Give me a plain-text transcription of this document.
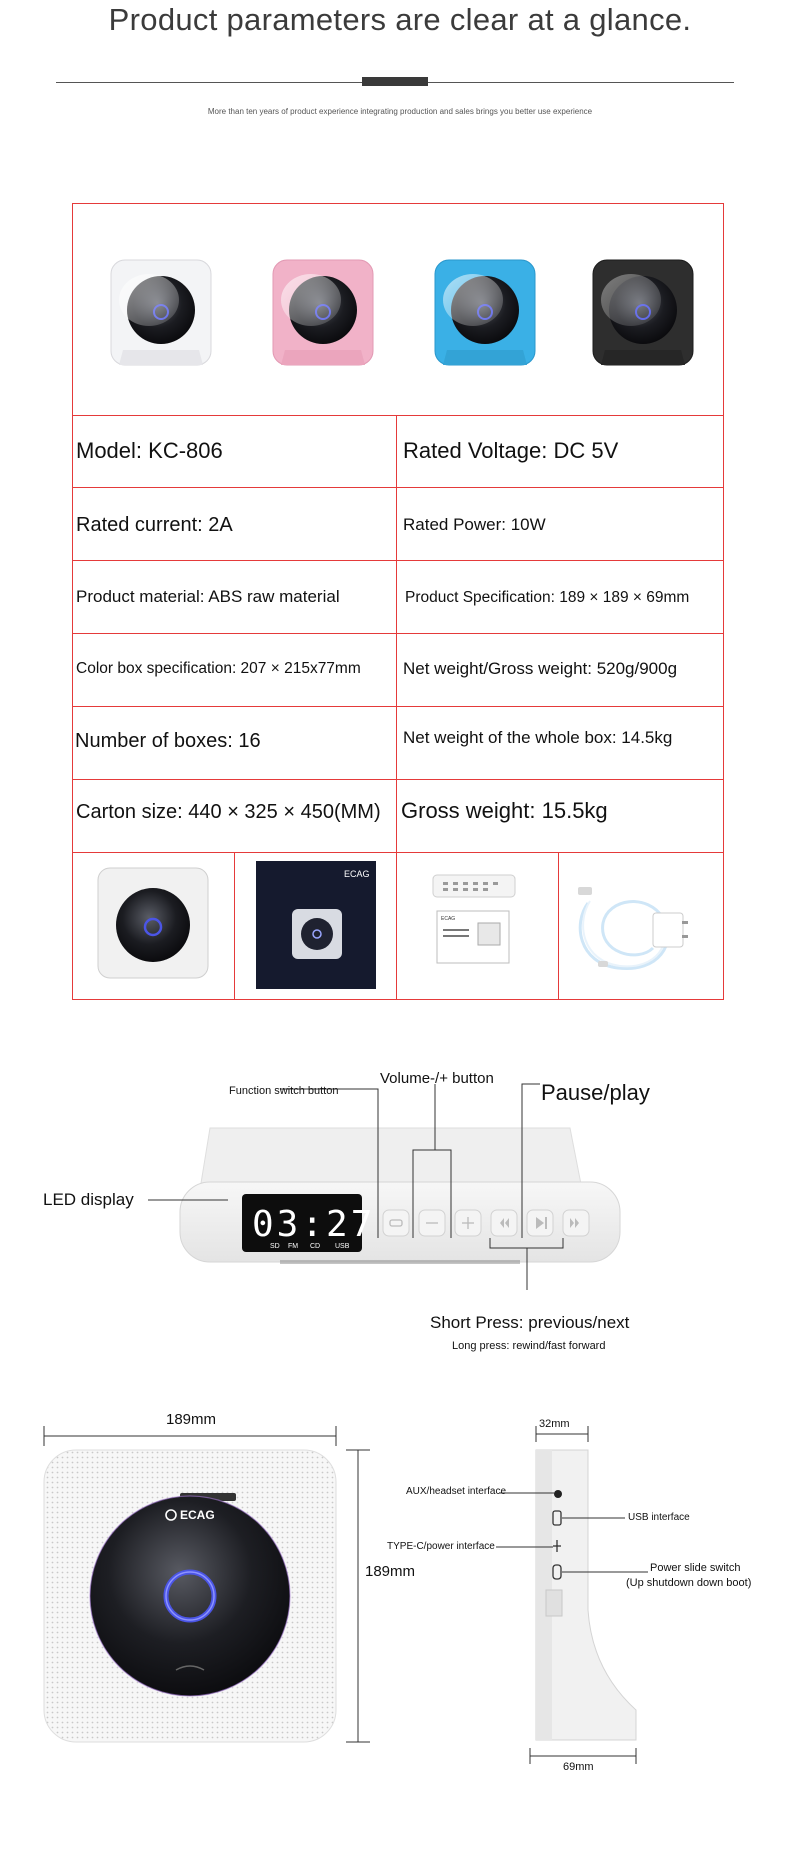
Product parameters are clear at a glance.
More than ten years of product experience integrating production and sales brings you better use experience
Model: KC-806	Rated Voltage: DC 5V
Rated current: 2A	Rated Power: 10W
Product material: ABS raw material	Product Specification: 189 × 189 × 69mm
Color box specification: 207 × 215x77mm Net weight/Gross weight: 520g/900g
Number of boxes: 16	Net weight of the whole box: 14.5kg
Carton size: 440 × 325 × 450(MM) Gross weight: 15.5kg
ECAG
ECAG
03:27
SD FM CD USB
Function switch button
Volume-/+ button
Pause/play
LED display
Short Press: previous/next
Long press: rewind/fast forward
ECAG
189mm
189mm
32mm
69mm
AUX/headset interface
TYPE-C/power interface
USB interface
Power slide switch
(Up shutdown down boot)
